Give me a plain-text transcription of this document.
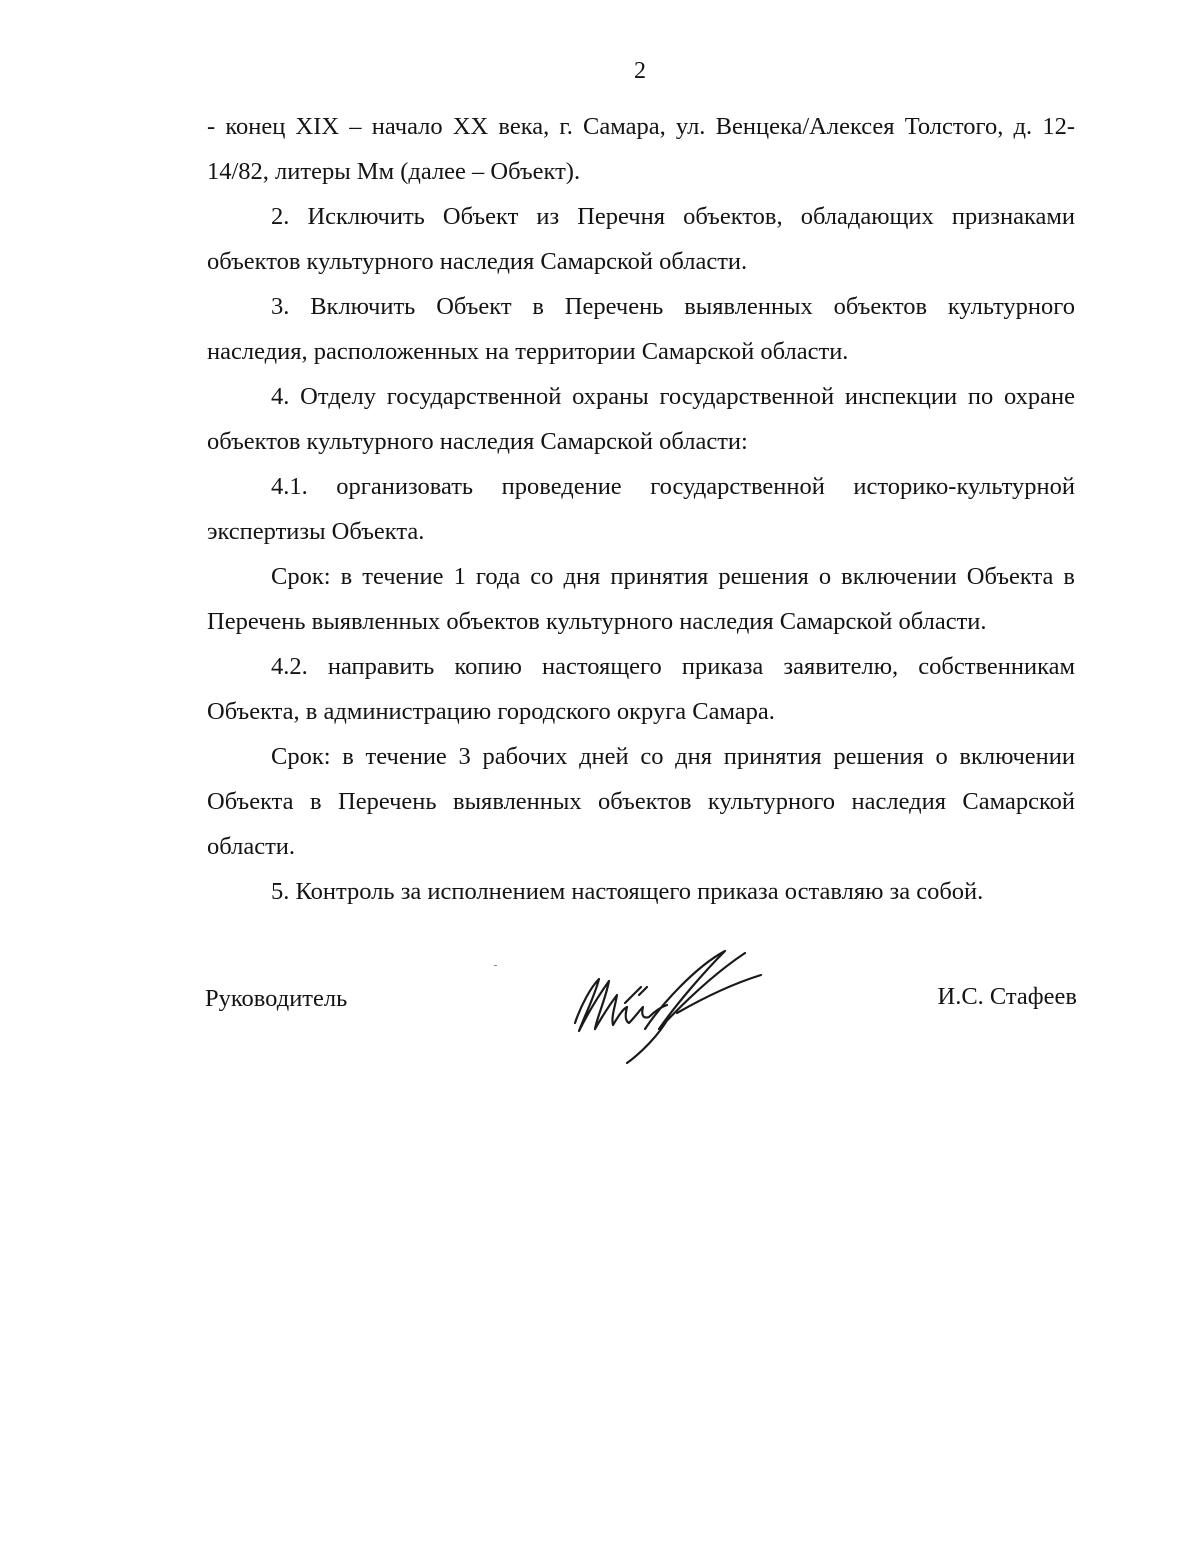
2

- конец XIX – начало XX века, г. Самара, ул. Венцека/Алексея Толстого, д. 12-14/82, литеры Мм (далее – Объект).

2. Исключить Объект из Перечня объектов, обладающих признаками объектов культурного наследия Самарской области.

3. Включить Объект в Перечень выявленных объектов культурного наследия, расположенных на территории Самарской области.

4. Отделу государственной охраны государственной инспекции по охране объектов культурного наследия Самарской области:

4.1. организовать проведение государственной историко-культурной экспертизы Объекта.

Срок: в течение 1 года со дня принятия решения о включении Объекта в Перечень выявленных объектов культурного наследия Самарской области.

4.2. направить копию настоящего приказа заявителю, собственникам Объекта, в администрацию городского округа Самара.

Срок: в течение 3 рабочих дней со дня принятия решения о включении Объекта в Перечень выявленных объектов культурного наследия Самарской области.

5. Контроль за исполнением настоящего приказа оставляю за собой.

Руководитель	И.С. Стафеев
